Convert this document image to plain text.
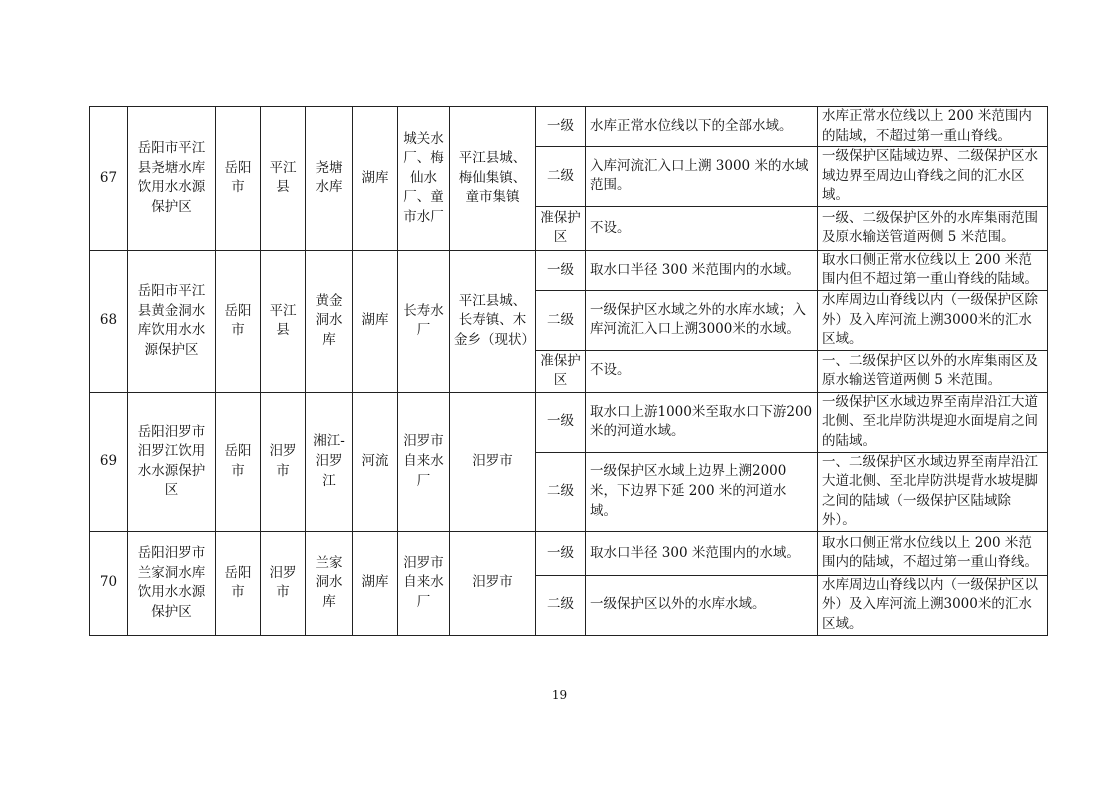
67	岳阳市平江县尧塘水库饮用水水源保护区	岳阳市	平江县	尧塘水库	湖库	城关水厂、梅仙水厂、童市水厂	平江县城、梅仙集镇、童市集镇	一级	水库正常水位线以下的全部水域。	水库正常水位线以上 200 米范围内的陆域，不超过第一重山脊线。
								二级	入库河流汇入口上溯 3000 米的水域范围。	一级保护区陆域边界、二级保护区水域边界至周边山脊线之间的汇水区域。
								准保护区	不设。	一级、二级保护区外的水库集雨范围及原水输送管道两侧 5 米范围。
68	岳阳市平江县黄金洞水库饮用水水源保护区	岳阳市	平江县	黄金洞水库	湖库	长寿水厂	平江县城、长寿镇、木金乡（现状）	一级	取水口半径 300 米范围内的水域。	取水口侧正常水位线以上 200 米范围内但不超过第一重山脊线的陆域。
								二级	一级保护区水域之外的水库水域；入库河流汇入口上溯3000米的水域。	水库周边山脊线以内（一级保护区除外）及入库河流上溯3000米的汇水区域。
								准保护区	不设。	一、二级保护区以外的水库集雨区及原水输送管道两侧 5 米范围。
69	岳阳汨罗市汨罗江饮用水水源保护区	岳阳市	汨罗市	湘江-汨罗江	河流	汨罗市自来水厂	汨罗市	一级	取水口上游1000米至取水口下游200米的河道水域。	一级保护区水域边界至南岸沿江大道北侧、至北岸防洪堤迎水面堤肩之间的陆域。
								二级	一级保护区水域上边界上溯2000米，下边界下延 200 米的河道水域。	一、二级保护区水域边界至南岸沿江大道北侧、至北岸防洪堤背水坡堤脚之间的陆域（一级保护区陆域除外）。
70	岳阳汨罗市兰家洞水库饮用水水源保护区	岳阳市	汨罗市	兰家洞水库	湖库	汨罗市自来水厂	汨罗市	一级	取水口半径 300 米范围内的水域。	取水口侧正常水位线以上 200 米范围内的陆域，不超过第一重山脊线。
								二级	一级保护区以外的水库水域。	水库周边山脊线以内（一级保护区以外）及入库河流上溯3000米的汇水区域。
19
